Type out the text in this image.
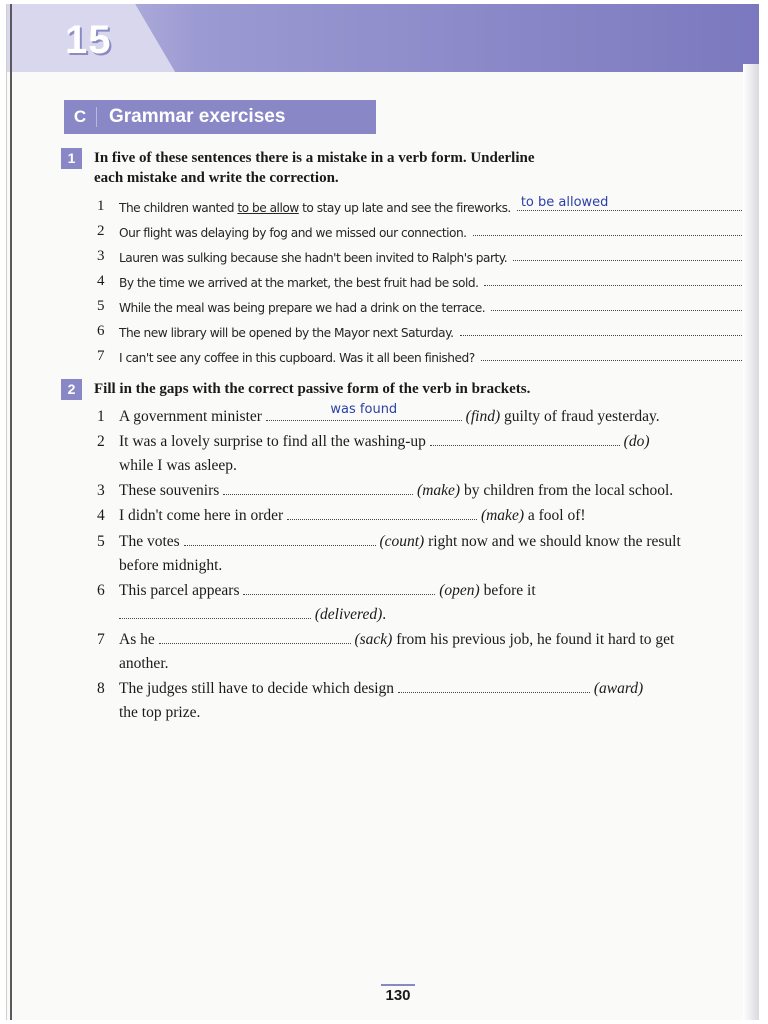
15
C	Grammar exercises
1	In five of these sentences there is a mistake in a verb form. Underline
each mistake and write the correction.
1	The children wanted to be allow to stay up late and see the fireworks. to be allowed
2	Our flight was delaying by fog and we missed our connection.
3	Lauren was sulking because she hadn't been invited to Ralph's party.
4	By the time we arrived at the market, the best fruit had be sold.
5	While the meal was being prepare we had a drink on the terrace.
6	The new library will be opened by the Mayor next Saturday.
7	I can't see any coffee in this cupboard. Was it all been finished?
2	Fill in the gaps with the correct passive form of the verb in brackets.
1 A government minister	was found	(find) guilty of fraud yesterday.
2 It was a lovely surprise to find all the washing-up	(do)
while I was asleep.
3 These souvenirs	(make) by children from the local school.
4 I didn't come here in order	(make) a fool of!
5 The votes	(count) right now and we should know the result
before midnight.
6 This parcel appears	(open) before it
(delivered).
7 As he	(sack) from his previous job, he found it hard to get
another.
8 The judges still have to decide which design	(award)
the top prize.
130
